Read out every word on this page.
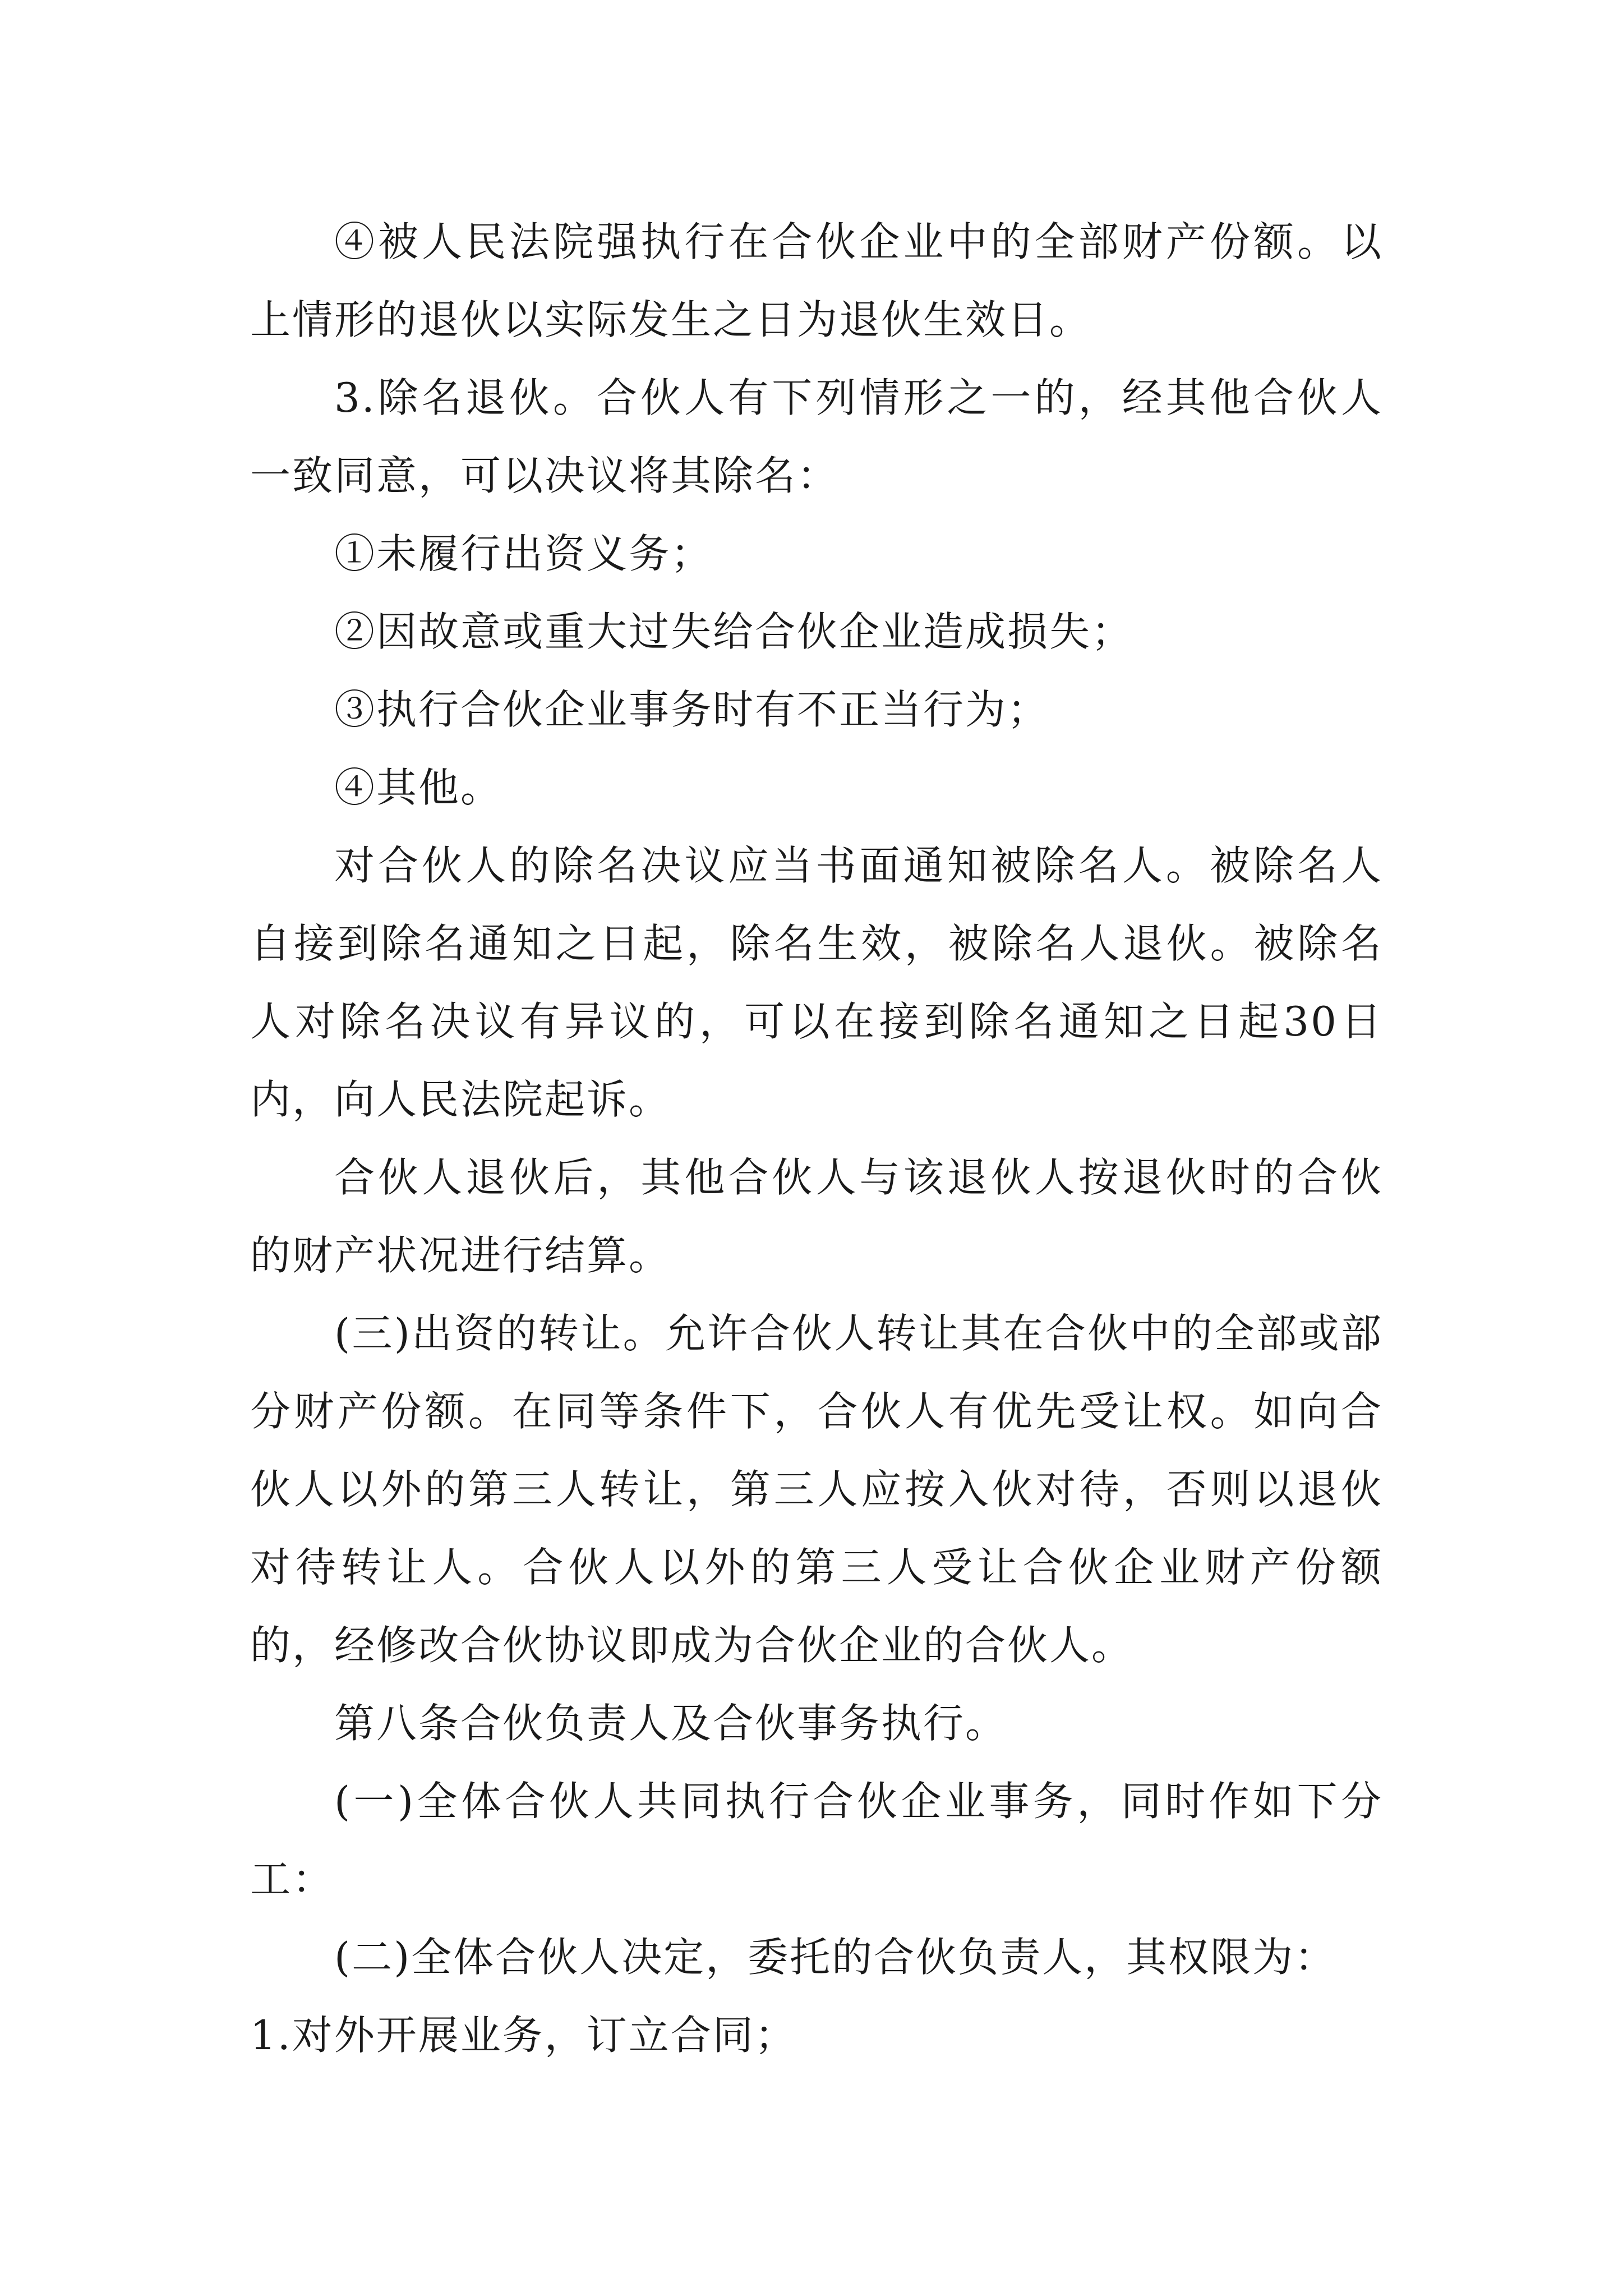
④被人民法院强执行在合伙企业中的全部财产份额。以上情形的退伙以实际发生之日为退伙生效日。

3.除名退伙。合伙人有下列情形之一的，经其他合伙人一致同意，可以决议将其除名：

①未履行出资义务；

②因故意或重大过失给合伙企业造成损失；

③执行合伙企业事务时有不正当行为；

④其他。

对合伙人的除名决议应当书面通知被除名人。被除名人自接到除名通知之日起，除名生效，被除名人退伙。被除名人对除名决议有异议的，可以在接到除名通知之日起30日内，向人民法院起诉。

合伙人退伙后，其他合伙人与该退伙人按退伙时的合伙的财产状况进行结算。

(三)出资的转让。允许合伙人转让其在合伙中的全部或部分财产份额。在同等条件下，合伙人有优先受让权。如向合伙人以外的第三人转让，第三人应按入伙对待，否则以退伙对待转让人。合伙人以外的第三人受让合伙企业财产份额的，经修改合伙协议即成为合伙企业的合伙人。

第八条合伙负责人及合伙事务执行。

(一)全体合伙人共同执行合伙企业事务，同时作如下分工：

(二)全体合伙人决定，委托的合伙负责人，其权限为：

1.对外开展业务，订立合同；
